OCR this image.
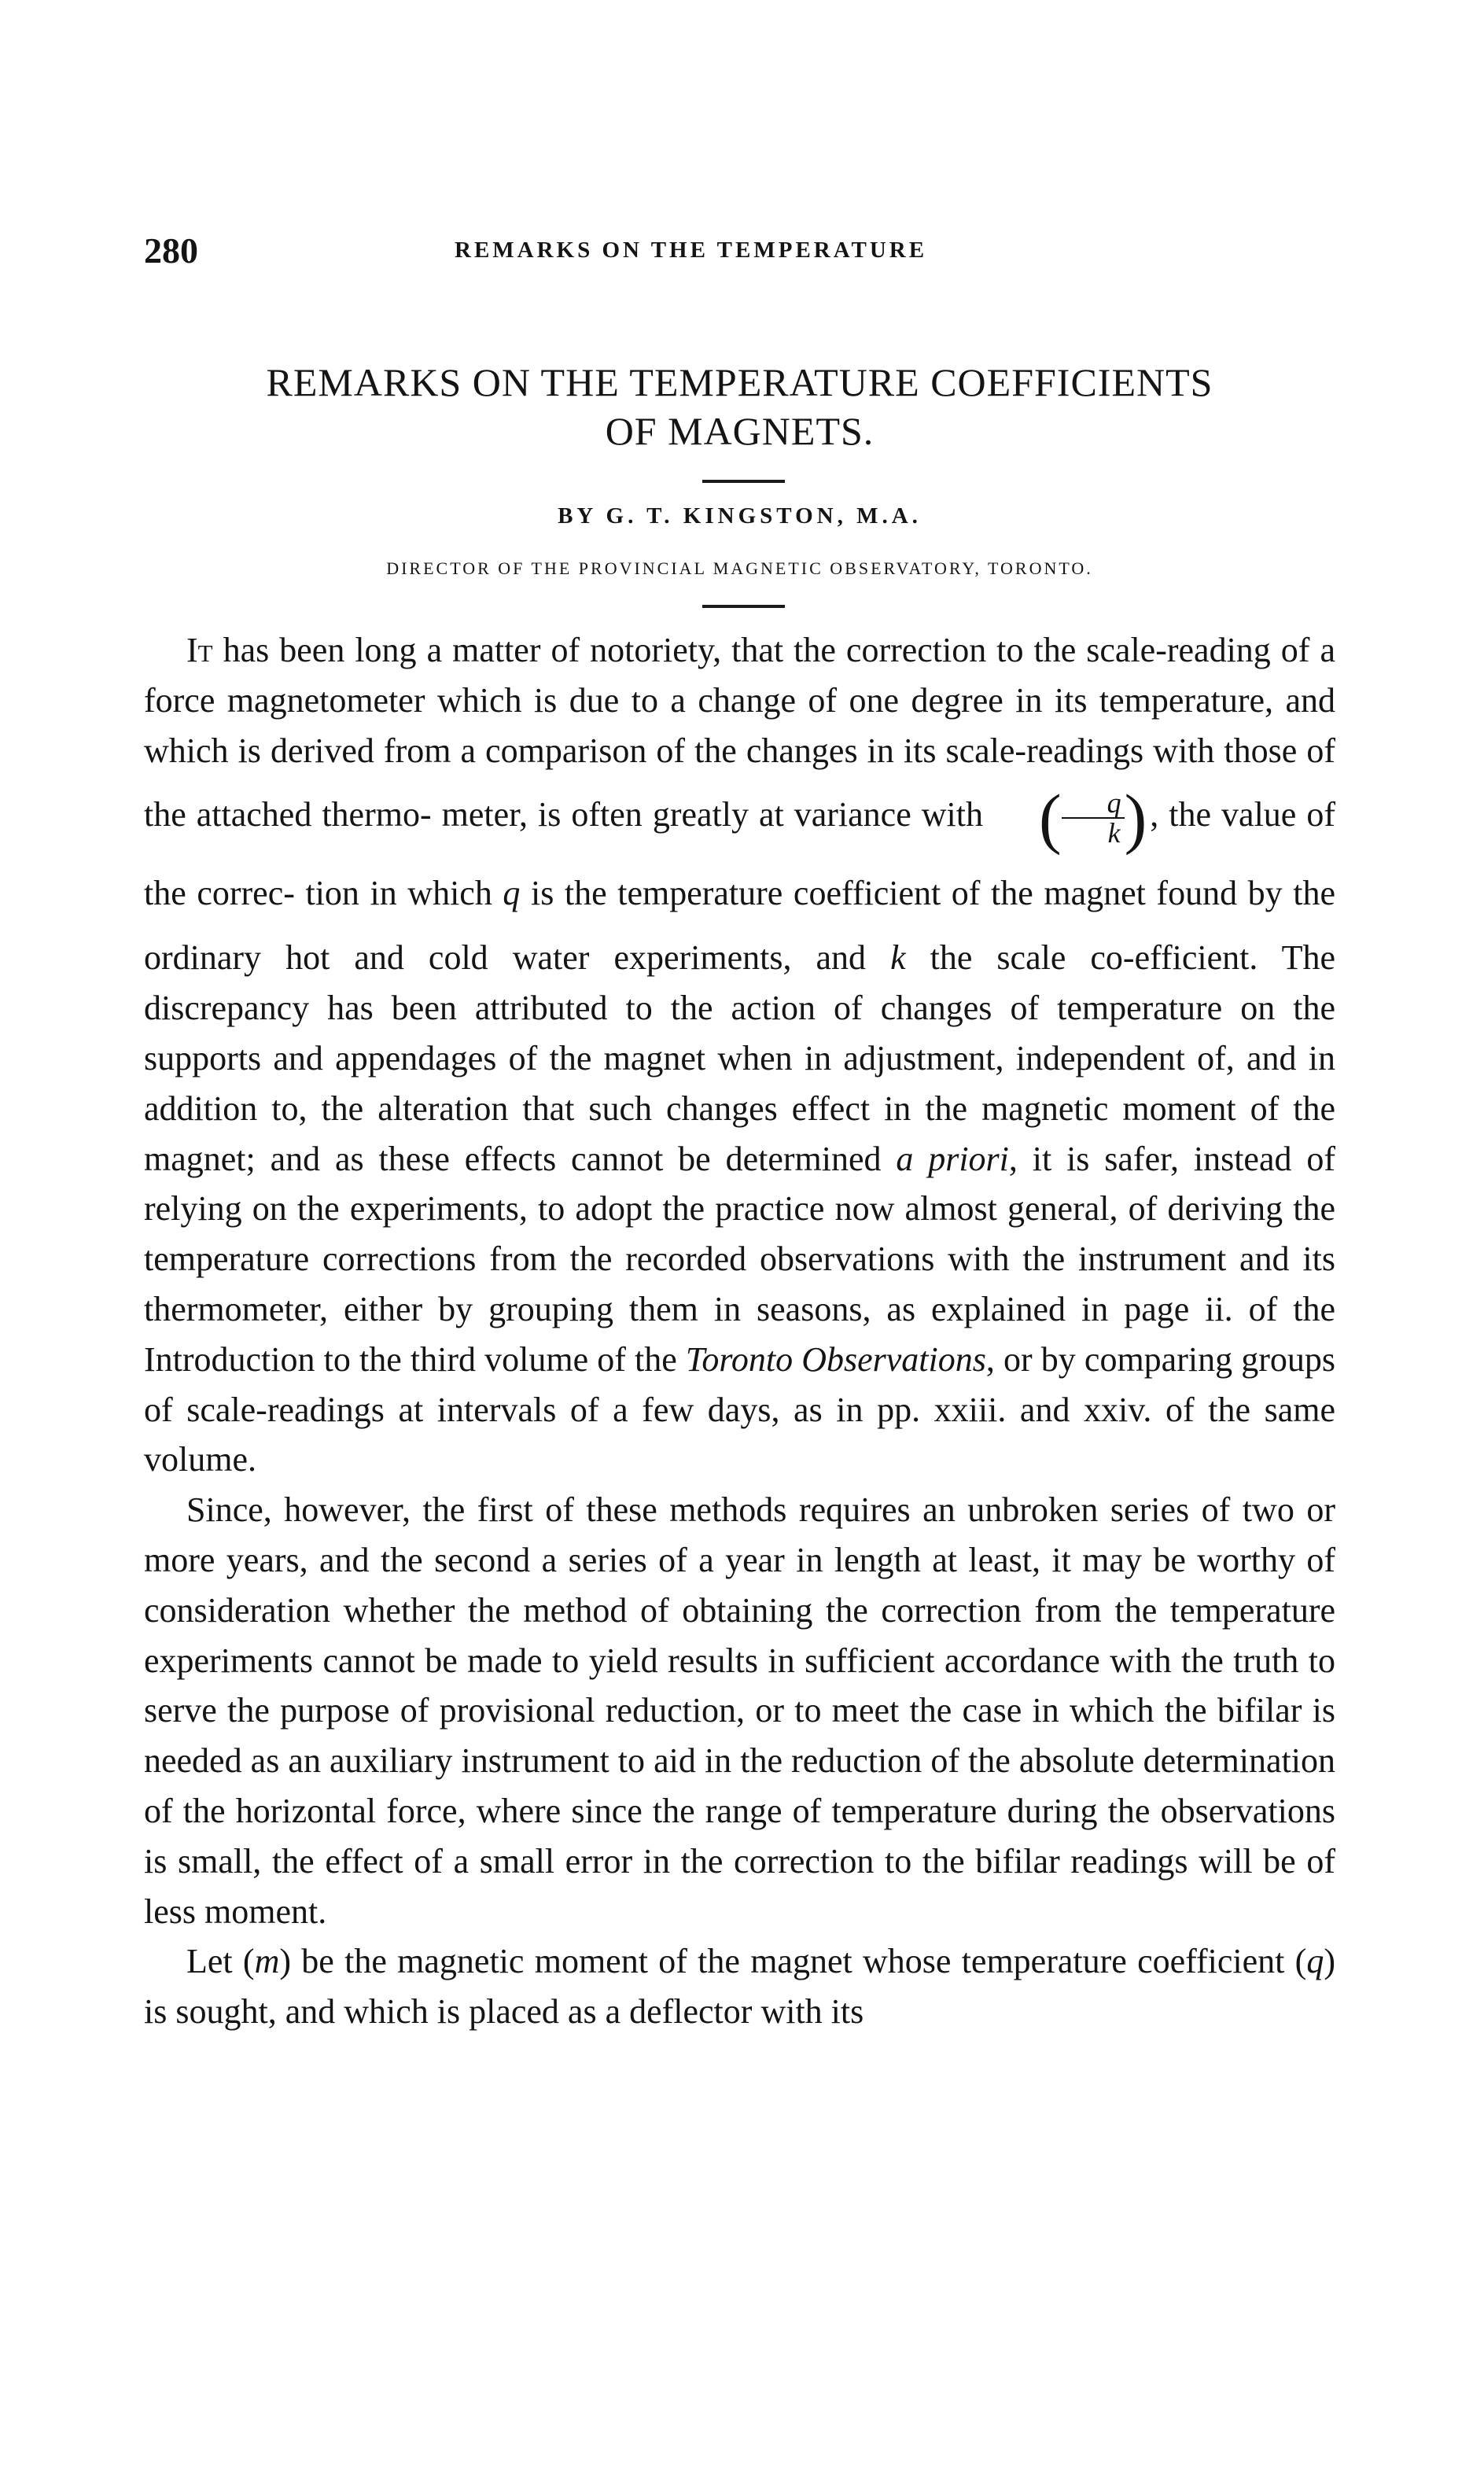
280	REMARKS ON THE TEMPERATURE
REMARKS ON THE TEMPERATURE COEFFICIENTS
OF MAGNETS.
BY G. T. KINGSTON, M.A.
DIRECTOR OF THE PROVINCIAL MAGNETIC OBSERVATORY, TORONTO.

It has been long a matter of notoriety, that the correction to the scale-reading of a force magnetometer which is due to a change of one degree in its temperature, and which is derived from a comparison of the changes in its scale-readings with those of the attached thermo- meter, is often greatly at variance with ( $\frac{q}{k}$ ), the value of the correc- tion in which q is the temperature coefficient of the magnet found by the ordinary hot and cold water experiments, and k the scale co-efficient. The discrepancy has been attributed to the action of changes of temperature on the supports and appendages of the magnet when in adjustment, independent of, and in addition to, the alteration that such changes effect in the magnetic moment of the magnet; and as these effects cannot be determined a priori, it is safer, instead of relying on the experiments, to adopt the practice now almost general, of deriving the temperature corrections from the recorded observations with the instrument and its thermometer, either by grouping them in seasons, as explained in page ii. of the Introduction to the third volume of the Toronto Observations, or by comparing groups of scale-readings at intervals of a few days, as in pp. xxiii. and xxiv. of the same volume.

Since, however, the first of these methods requires an unbroken series of two or more years, and the second a series of a year in length at least, it may be worthy of consideration whether the method of obtaining the correction from the temperature experiments cannot be made to yield results in sufficient accordance with the truth to serve the purpose of provisional reduction, or to meet the case in which the bifilar is needed as an auxiliary instrument to aid in the reduction of the absolute determination of the horizontal force, where since the range of temperature during the observations is small, the effect of a small error in the correction to the bifilar readings will be of less moment.

Let (m) be the magnetic moment of the magnet whose temperature coefficient (q) is sought, and which is placed as a deflector with its
